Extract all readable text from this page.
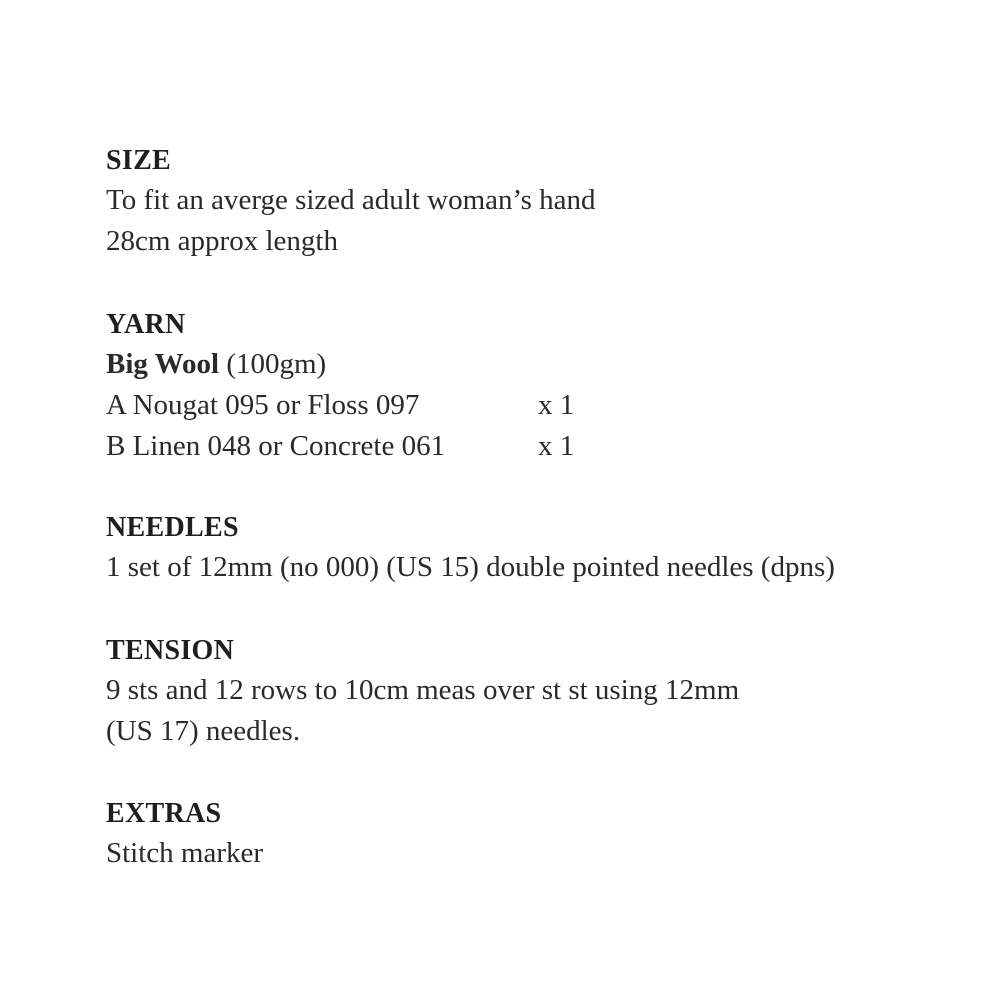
SIZE
To fit an averge sized adult woman’s hand
28cm approx length
YARN
Big Wool (100gm)
A Nougat 095 or Floss 097	x 1
B Linen 048 or Concrete 061	x 1
NEEDLES
1 set of 12mm (no 000) (US 15) double pointed needles (dpns)
TENSION
9 sts and 12 rows to 10cm meas over st st using 12mm
(US 17) needles.
EXTRAS
Stitch marker
